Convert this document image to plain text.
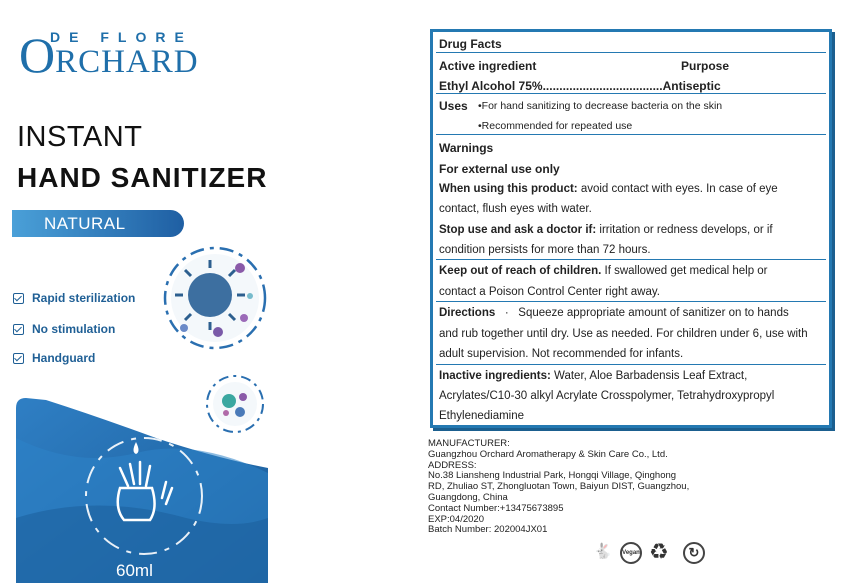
DE FLORE
ORCHARD
INSTANT
HAND SANITIZER
NATURAL
Rapid sterilization
No stimulation
Handguard
60ml
Drug Facts
Active ingredient	Purpose
Ethyl Alcohol 75%....................................Antiseptic
Uses •For hand sanitizing to decrease bacteria on the skin
•Recommended for repeated use
Warnings
For external use only
When using this product: avoid contact with eyes. In case of eye
contact, flush eyes with water.
Stop use and ask a doctor if: irritation or redness develops, or if
condition persists for more than 72 hours.
Keep out of reach of children. If swallowed get medical help or
contact a Poison Control Center right away.
Directions · Squeeze appropriate amount of sanitizer on to hands
and rub together until dry. Use as needed. For children under 6, use with
adult supervision. Not recommended for infants.
Inactive ingredients: Water, Aloe Barbadensis Leaf Extract,
Acrylates/C10-30 alkyl Acrylate Crosspolymer, Tetrahydroxypropyl
Ethylenediamine
MANUFACTURER:
Guangzhou Orchard Aromatherapy & Skin Care Co., Ltd.
ADDRESS:
No.38 Liansheng Industrial Park, Hongqi Village, Qinghong
RD, Zhuliao ST, Zhongluotan Town, Baiyun DIST, Guangzhou,
Guangdong, China
Contact Number:+13475673895
EXP:04/2020
Batch Number: 202004JX01
🐇 Vegan ♻	↻
